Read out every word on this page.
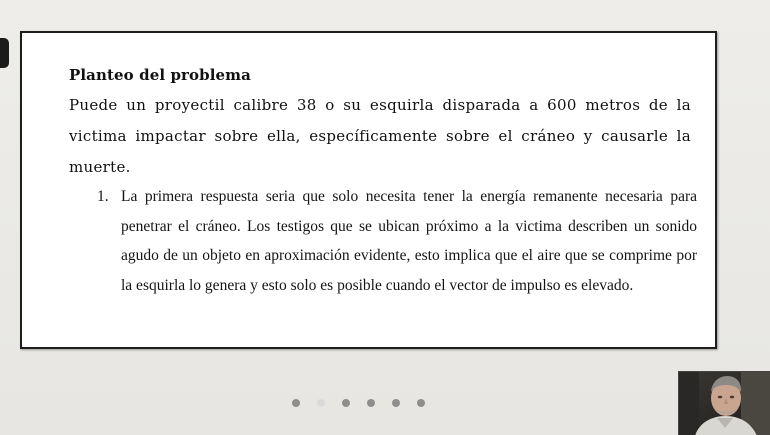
Planteo del problema
Puede un proyectil calibre 38 o su esquirla disparada a 600 metros de la victima impactar sobre ella, específicamente sobre el cráneo y causarle la muerte.
1. La primera respuesta seria que solo necesita tener la energía remanente necesaria para penetrar el cráneo. Los testigos que se ubican próximo a la victima describen un sonido agudo de un objeto en aproximación evidente, esto implica que el aire que se comprime por la esquirla lo genera y esto solo es posible cuando el vector de impulso es elevado.
